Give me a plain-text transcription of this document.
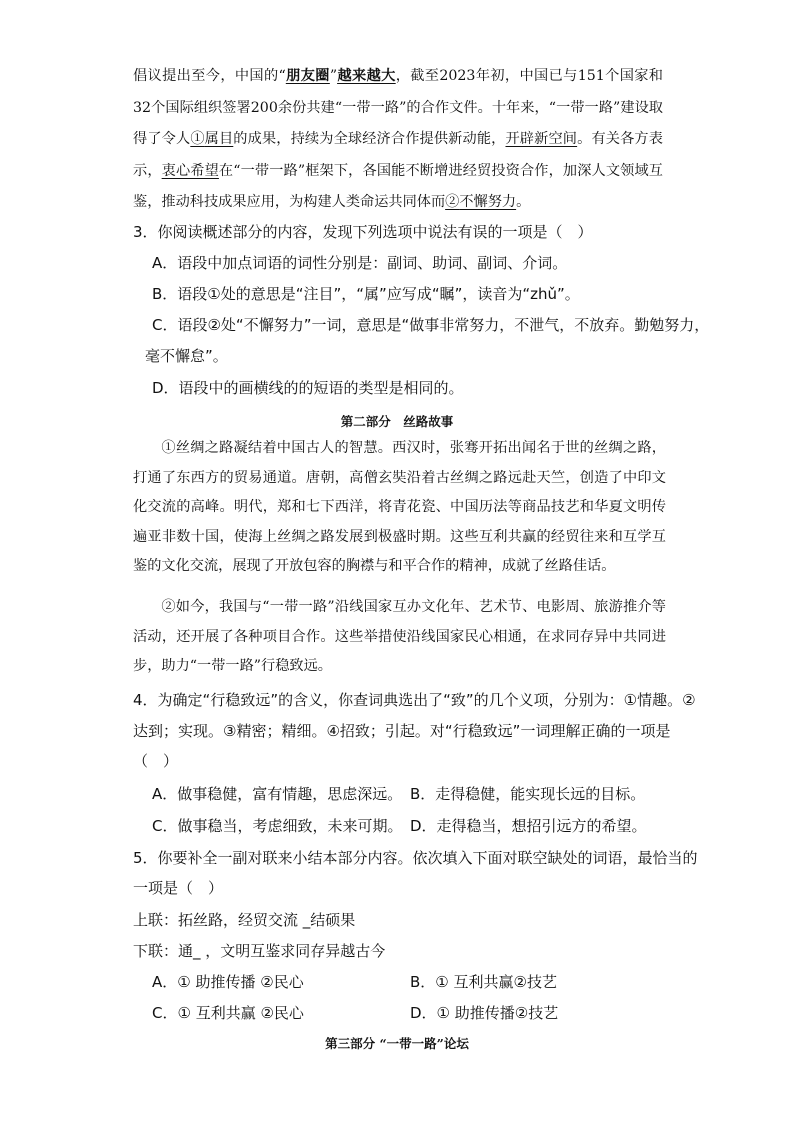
倡议提出至今，中国的“朋友圈”越来越大，截至2023年初，中国已与151个国家和32个国际组织签署200余份共建“一带一路”的合作文件。十年来，“一带一路”建设取得了令人①属目的成果，持续为全球经济合作提供新动能，开辟新空间。有关各方表示，衷心希望在“一带一路”框架下，各国能不断增进经贸投资合作，加深人文领域互鉴，推动科技成果应用，为构建人类命运共同体而②不懈努力。
3．你阅读概述部分的内容，发现下列选项中说法有误的一项是（　）
A．语段中加点词语的词性分别是：副词、助词、副词、介词。
B．语段①处的意思是“注目”，“属”应写成“瞩”，读音为“zhǔ”。
C．语段②处“不懈努力”一词，意思是“做事非常努力，不泄气，不放弃。勤勉努力，
毫不懈怠”。
D．语段中的画横线的的短语的类型是相同的。
第二部分　丝路故事
①丝绸之路凝结着中国古人的智慧。西汉时，张骞开拓出闻名于世的丝绸之路，打通了东西方的贸易通道。唐朝，高僧玄奘沿着古丝绸之路远赴天竺，创造了中印文化交流的高峰。明代，郑和七下西洋，将青花瓷、中国历法等商品技艺和华夏文明传遍亚非数十国，使海上丝绸之路发展到极盛时期。这些互利共赢的经贸往来和互学互鉴的文化交流，展现了开放包容的胸襟与和平合作的精神，成就了丝路佳话。
②如今，我国与“一带一路”沿线国家互办文化年、艺术节、电影周、旅游推介等活动，还开展了各种项目合作。这些举措使沿线国家民心相通，在求同存异中共同进步，助力“一带一路”行稳致远。
4．为确定“行稳致远”的含义，你查词典选出了“致”的几个义项，分别为：①情趣。②
达到；实现。③精密；精细。④招致；引起。对“行稳致远”一词理解正确的一项是
（　）
A．做事稳健，富有情趣，思虑深远。 B．走得稳健，能实现长远的目标。
C．做事稳当，考虑细致，未来可期。 D．走得稳当，想招引远方的希望。
5．你要补全一副对联来小结本部分内容。依次填入下面对联空缺处的词语，最恰当的
一项是（　）
上联：拓丝路，经贸交流 _结硕果
下联：通_ ，文明互鉴求同存异越古今
A．① 助推传播 ②民心	B．① 互利共赢②技艺
C．① 互利共赢 ②民心	D．① 助推传播②技艺
第三部分 “一带一路”论坛
